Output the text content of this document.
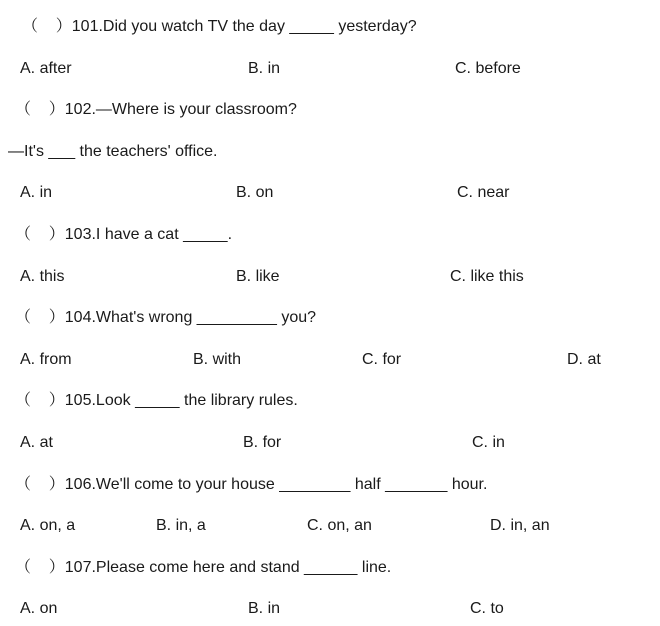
（    ）101.Did you watch TV the day _____ yesterday?
A. after	B. in	C. before
（    ）102.—Where is your classroom?
—It's ___ the teachers' office.
A. in	B. on	C. near
（    ）103.I have a cat _____.
A. this	B. like	C. like this
（    ）104.What's wrong _________ you?
A. from	B. with	C. for	D. at
（    ）105.Look _____ the library rules.
A. at	B. for	C. in
（    ）106.We'll come to your house ________ half _______ hour.
A. on, a	B. in, a	C. on, an	D. in, an
（    ）107.Please come here and stand ______ line.
A. on	B. in	C. to
